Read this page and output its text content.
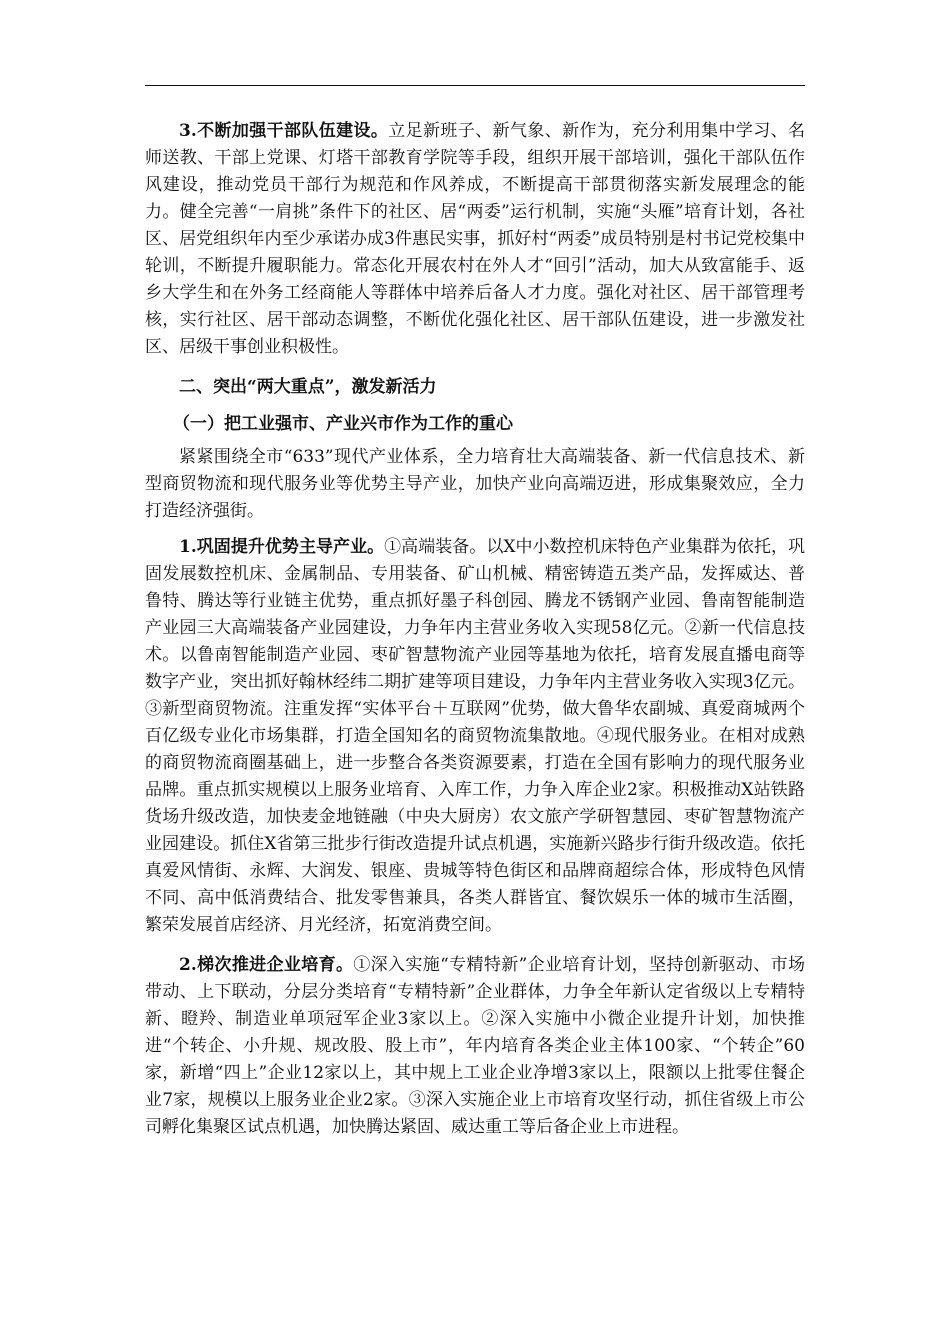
3.不断加强干部队伍建设。立足新班子、新气象、新作为，充分利用集中学习、名师送教、干部上党课、灯塔干部教育学院等手段，组织开展干部培训，强化干部队伍作风建设，推动党员干部行为规范和作风养成，不断提高干部贯彻落实新发展理念的能力。健全完善“一肩挑”条件下的社区、居“两委”运行机制，实施“头雁”培育计划，各社区、居党组织年内至少承诺办成3件惠民实事，抓好村“两委”成员特别是村书记党校集中轮训，不断提升履职能力。常态化开展农村在外人才“回引”活动，加大从致富能手、返乡大学生和在外务工经商能人等群体中培养后备人才力度。强化对社区、居干部管理考核，实行社区、居干部动态调整，不断优化强化社区、居干部队伍建设，进一步激发社区、居级干事创业积极性。

二、突出“两大重点”，激发新活力

（一）把工业强市、产业兴市作为工作的重心

紧紧围绕全市“633”现代产业体系，全力培育壮大高端装备、新一代信息技术、新型商贸物流和现代服务业等优势主导产业，加快产业向高端迈进，形成集聚效应，全力打造经济强街。

1.巩固提升优势主导产业。①高端装备。以X中小数控机床特色产业集群为依托，巩固发展数控机床、金属制品、专用装备、矿山机械、精密铸造五类产品，发挥威达、普鲁特、腾达等行业链主优势，重点抓好墨子科创园、腾龙不锈钢产业园、鲁南智能制造产业园三大高端装备产业园建设，力争年内主营业务收入实现58亿元。②新一代信息技术。以鲁南智能制造产业园、枣矿智慧物流产业园等基地为依托，培育发展直播电商等数字产业，突出抓好翰林经纬二期扩建等项目建设，力争年内主营业务收入实现3亿元。③新型商贸物流。注重发挥“实体平台＋互联网”优势，做大鲁华农副城、真爱商城两个百亿级专业化市场集群，打造全国知名的商贸物流集散地。④现代服务业。在相对成熟的商贸物流商圈基础上，进一步整合各类资源要素，打造在全国有影响力的现代服务业品牌。重点抓实规模以上服务业培育、入库工作，力争入库企业2家。积极推动X站铁路货场升级改造，加快麦金地链融（中央大厨房）农文旅产学研智慧园、枣矿智慧物流产业园建设。抓住X省第三批步行街改造提升试点机遇，实施新兴路步行街升级改造。依托真爱风情街、永辉、大润发、银座、贵城等特色街区和品牌商超综合体，形成特色风情不同、高中低消费结合、批发零售兼具，各类人群皆宜、餐饮娱乐一体的城市生活圈，繁荣发展首店经济、月光经济，拓宽消费空间。

2.梯次推进企业培育。①深入实施“专精特新”企业培育计划，坚持创新驱动、市场带动、上下联动，分层分类培育“专精特新”企业群体，力争全年新认定省级以上专精特新、瞪羚、制造业单项冠军企业3家以上。②深入实施中小微企业提升计划，加快推进“个转企、小升规、规改股、股上市”，年内培育各类企业主体100家、“个转企”60家，新增“四上”企业12家以上，其中规上工业企业净增3家以上，限额以上批零住餐企业7家，规模以上服务业企业2家。③深入实施企业上市培育攻坚行动，抓住省级上市公司孵化集聚区试点机遇，加快腾达紧固、威达重工等后备企业上市进程。
